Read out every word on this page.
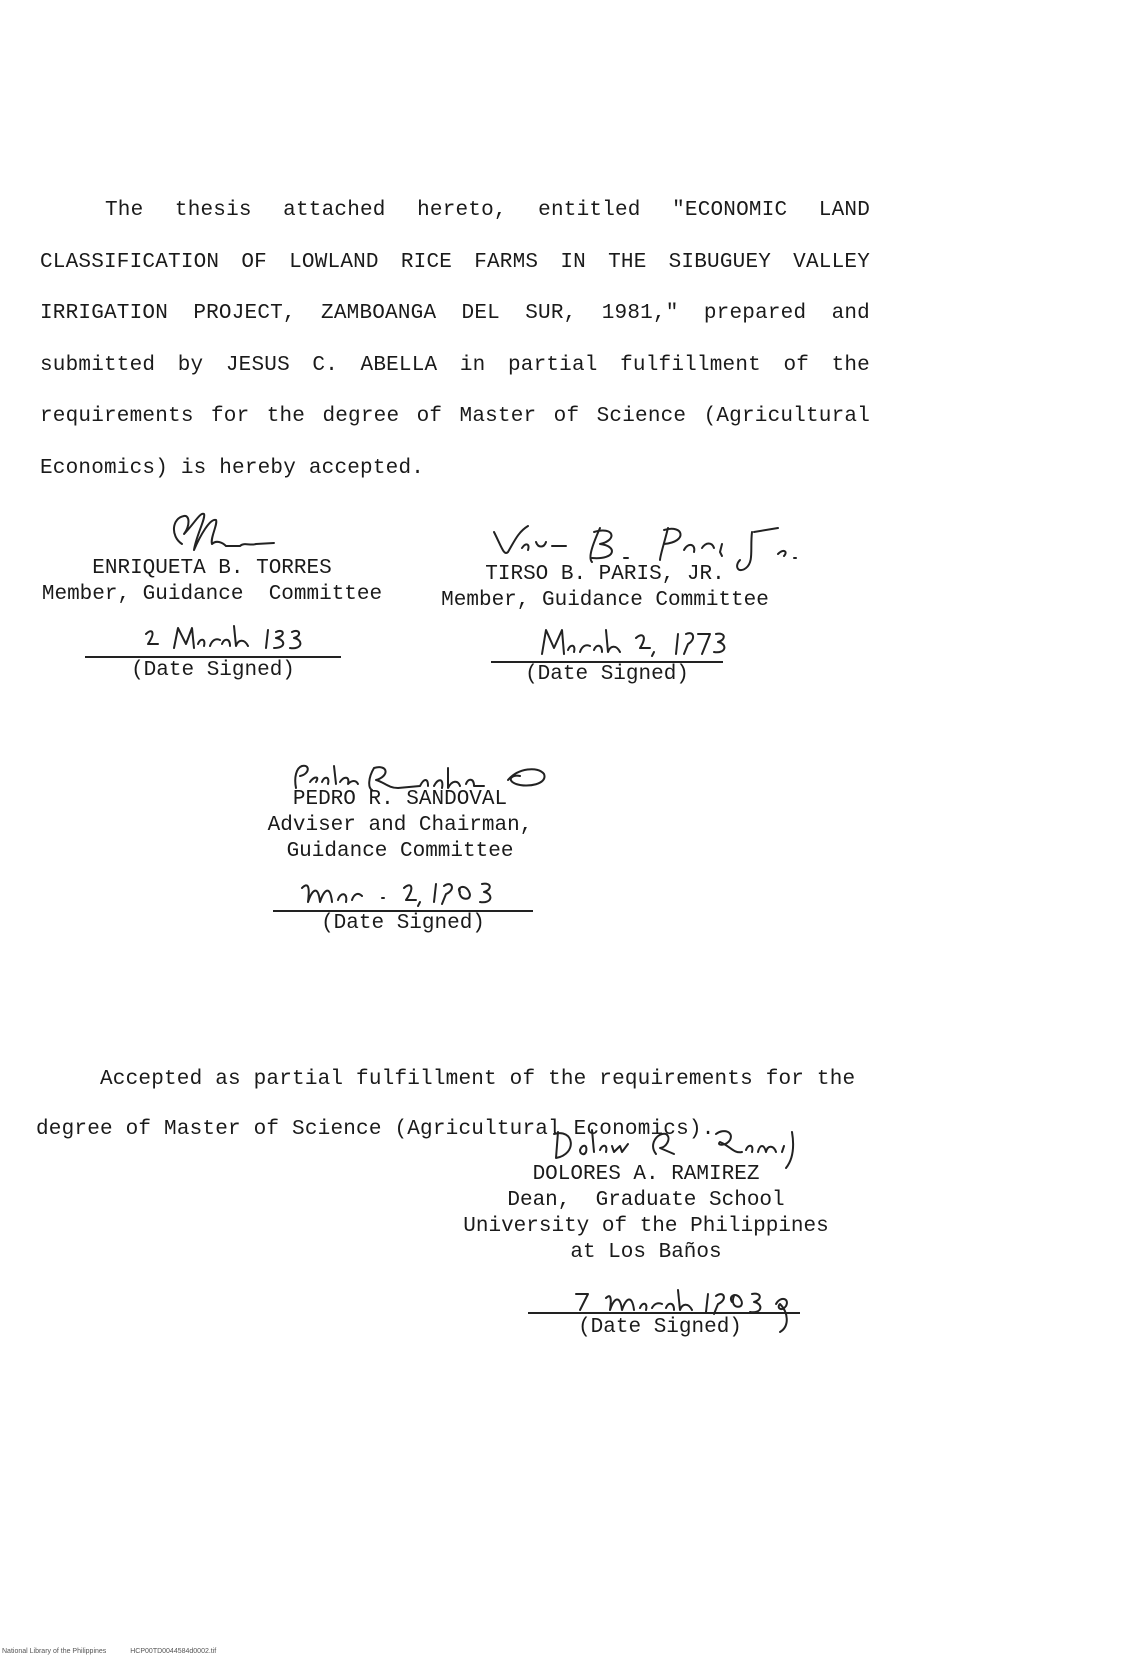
The thesis attached hereto, entitled "ECONOMIC LAND CLASSIFICATION OF LOWLAND RICE FARMS IN THE SIBUGUEY VALLEY IRRIGATION PROJECT, ZAMBOANGA DEL SUR, 1981," prepared and submitted by JESUS C. ABELLA in partial fulfillment of the requirements for the degree of Master of Science (Agricultural Economics) is hereby accepted.

ENRIQUETA B. TORRES
Member, Guidance  Committee
(Date Signed)
TIRSO B. PARIS, JR.
Member, Guidance Committee
(Date Signed)
PEDRO R. SANDOVAL
Adviser and Chairman,
Guidance Committee
(Date Signed)

Accepted as partial fulfillment of the requirements for the degree of Master of Science (Agricultural Economics).

DOLORES A. RAMIREZ
Dean,  Graduate School
University of the Philippines
at Los Baños
(Date Signed)
National Library of the Philippines	HCP00TD0044584d0002.tif
